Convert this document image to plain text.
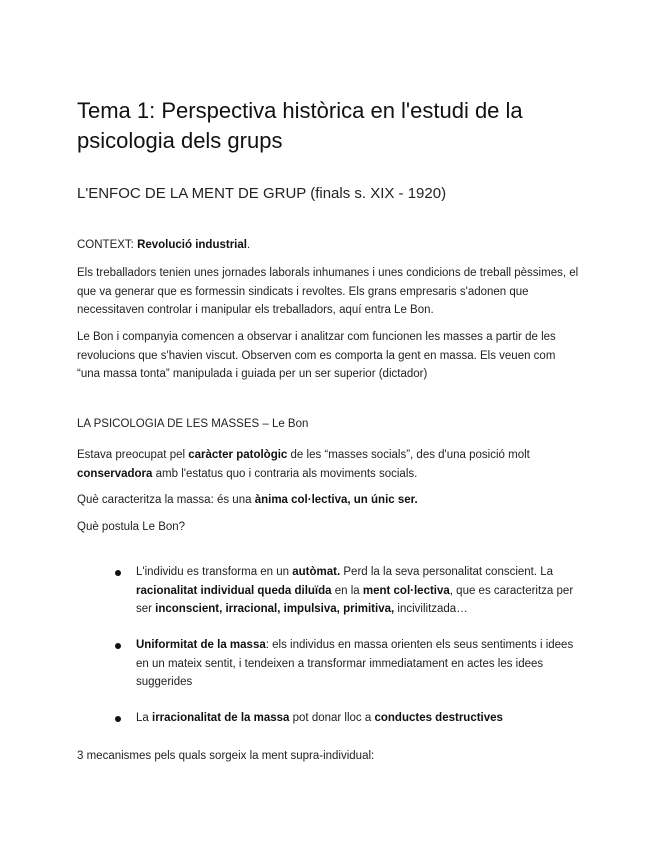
Tema 1: Perspectiva històrica en l'estudi de la psicologia dels grups
L'ENFOC DE LA MENT DE GRUP (finals s. XIX - 1920)

CONTEXT: Revolució industrial.

Els treballadors tenien unes jornades laborals inhumanes i unes condicions de treball pèssimes, el que va generar que es formessin sindicats i revoltes. Els grans empresaris s'adonen que necessitaven controlar i manipular els treballadors, aquí entra Le Bon.

Le Bon i companyia comencen a observar i analitzar com funcionen les masses a partir de les revolucions que s'havien viscut. Observen com es comporta la gent en massa. Els veuen com “una massa tonta” manipulada i guiada per un ser superior (dictador)

LA PSICOLOGIA DE LES MASSES – Le Bon

Estava preocupat pel caràcter patològic de les “masses socials”, des d'una posició molt conservadora amb l'estatus quo i contraria als moviments socials.

Què caracteritza la massa: és una ànima col·lectiva, un únic ser.

Què postula Le Bon?

L'individu es transforma en un autòmat. Perd la la seva personalitat conscient. La racionalitat individual queda diluïda en la ment col·lectiva, que es caracteritza per ser inconscient, irracional, impulsiva, primitiva, incivilitzada…

Uniformitat de la massa: els individus en massa orienten els seus sentiments i idees en un mateix sentit, i tendeixen a transformar immediatament en actes les idees suggerides

La irracionalitat de la massa pot donar lloc a conductes destructives

3 mecanismes pels quals sorgeix la ment supra-individual:
